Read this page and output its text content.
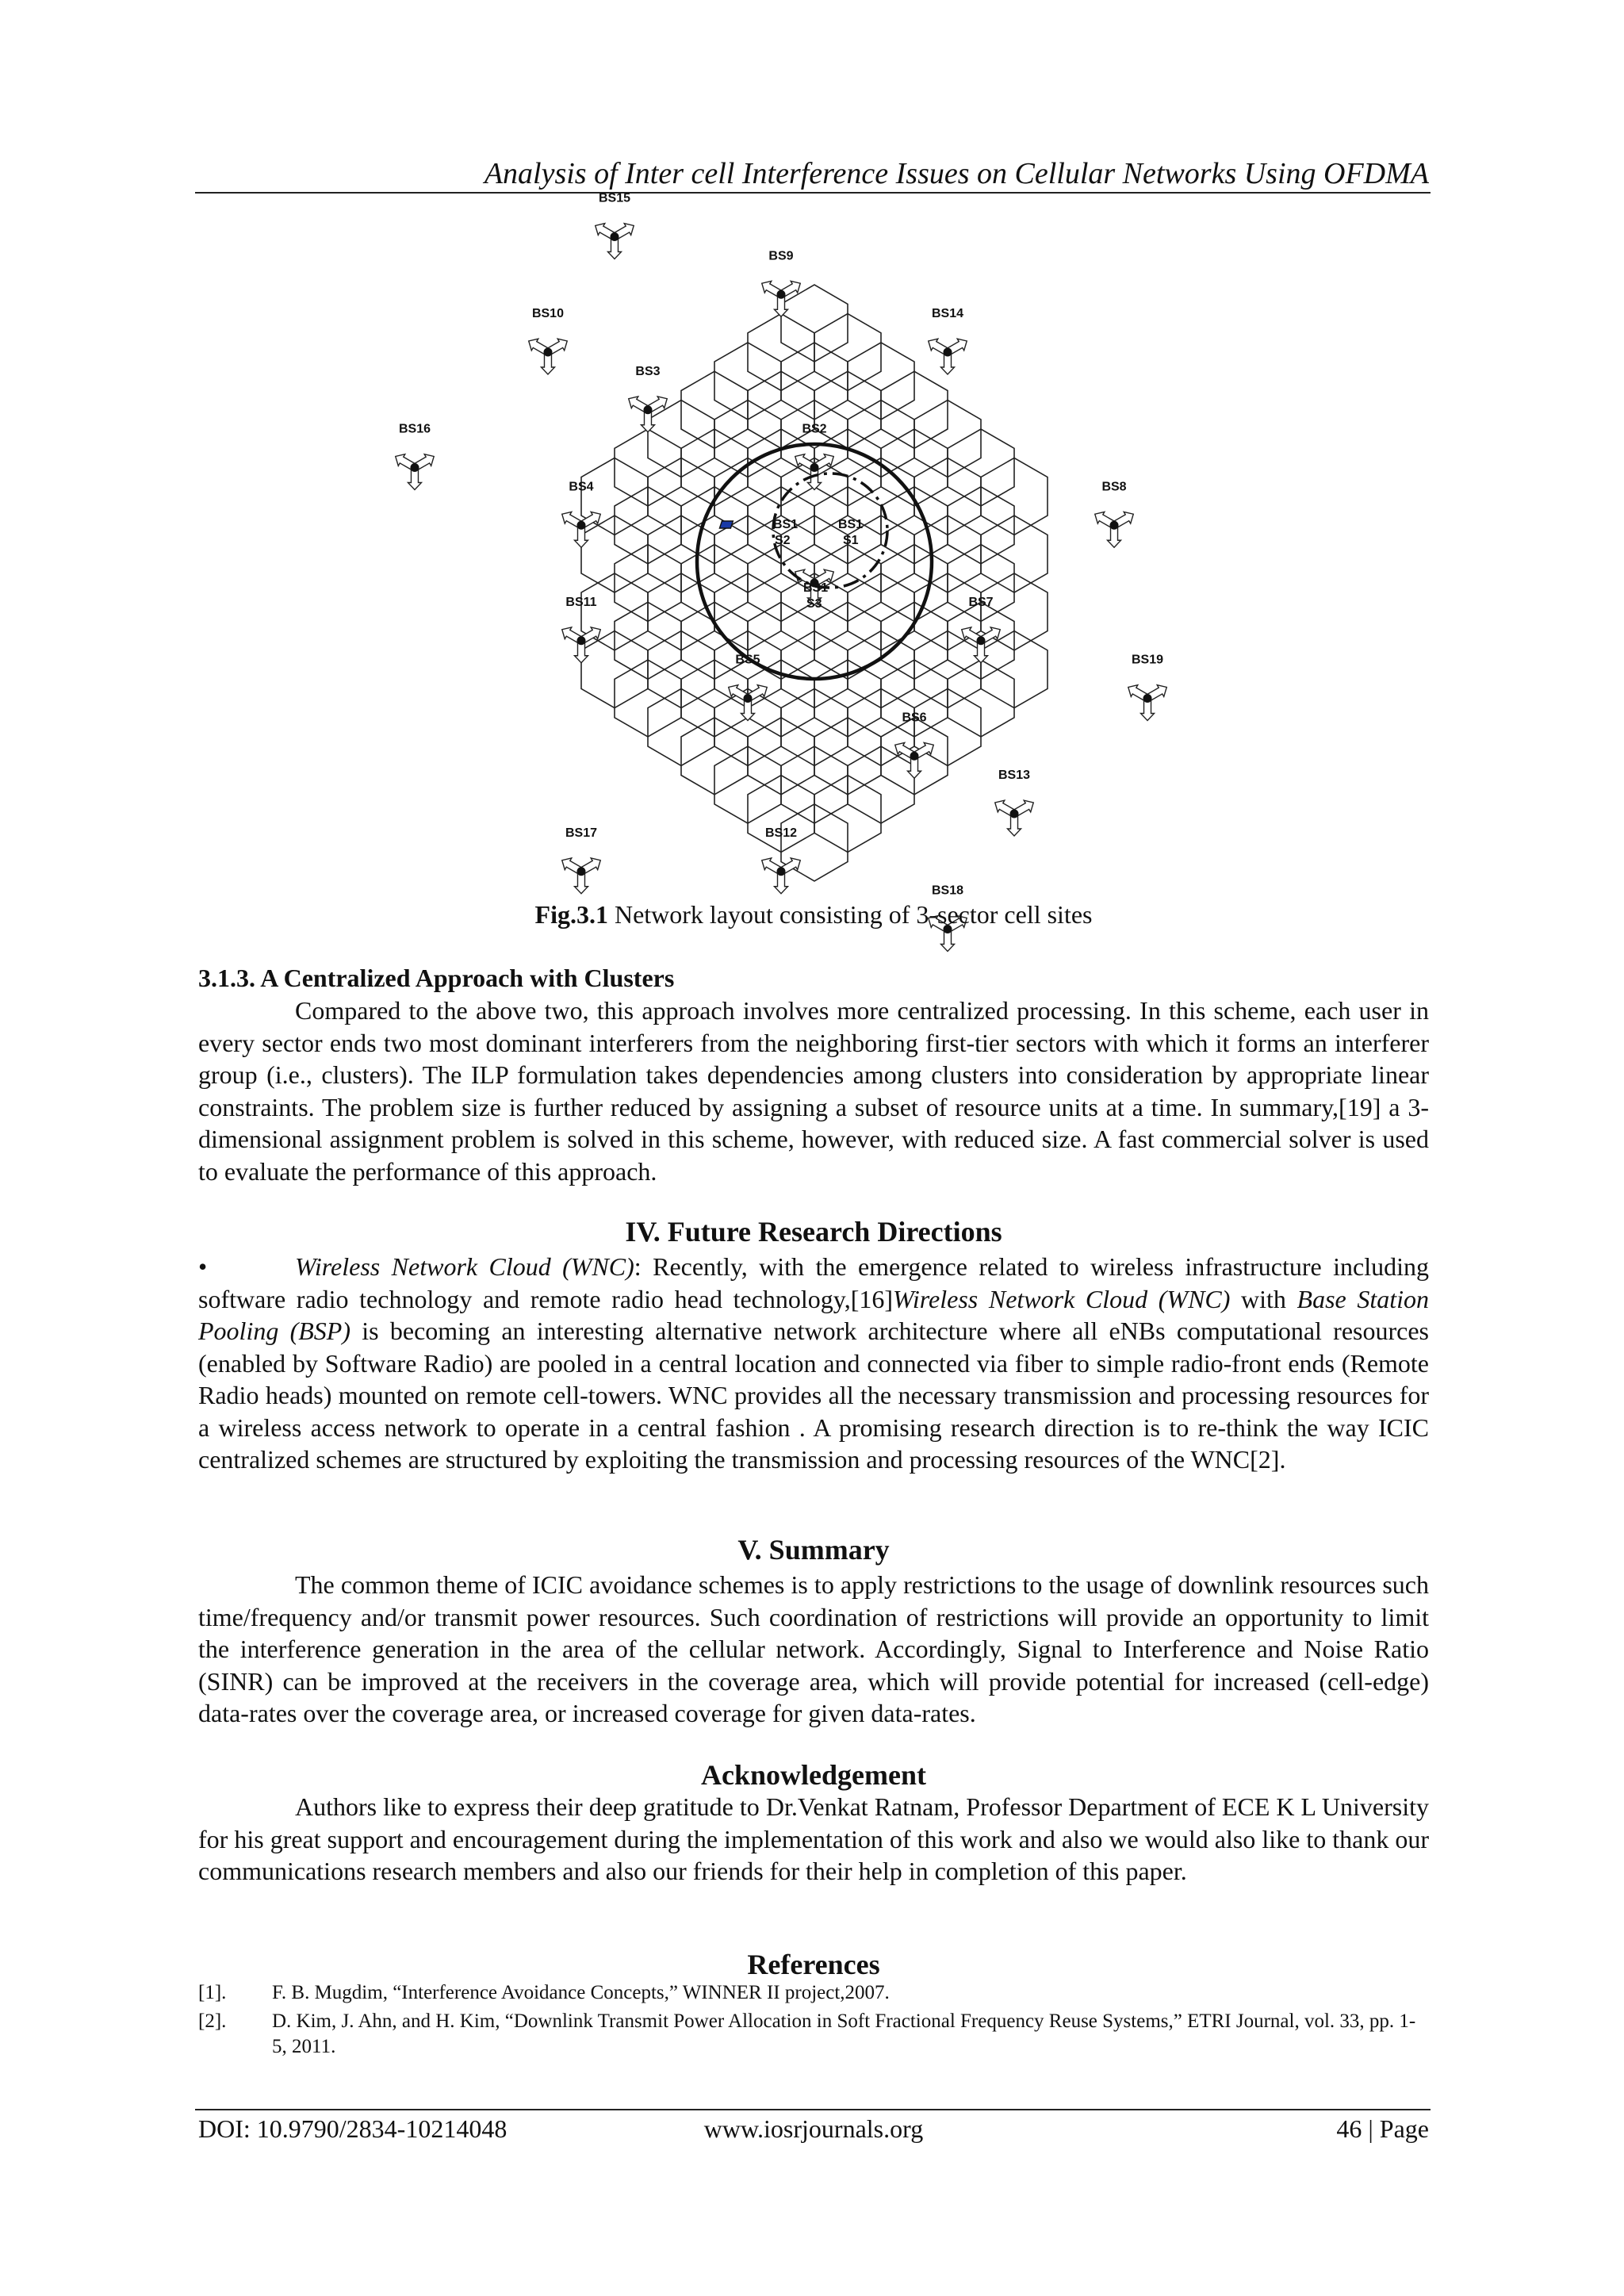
Analysis of Inter cell Interference Issues on Cellular Networks Using OFDMA
BS15
BS10
BS9
BS16
BS3
BS14
BS4
BS2
BS11
BS8
BS5
BS7
BS17
BS6
BS19
BS12
BS13
BS18
BS1
S2
BS1
S1
BS1
S3
Fig.3.1 Network layout consisting of 3-sector cell sites
3.1.3. A Centralized Approach with Clusters
Compared to the above two, this approach involves more centralized processing. In this scheme, each user in every sector ends two most dominant interferers from the neighboring first-tier sectors with which it forms an interferer group (i.e., clusters). The ILP formulation takes dependencies among clusters into consideration by appropriate linear constraints. The problem size is further reduced by assigning a subset of resource units at a time. In summary,[19] a 3-dimensional assignment problem is solved in this scheme, however, with reduced size. A fast commercial solver is used to evaluate the performance of this approach.
IV. Future Research Directions
•	Wireless Network Cloud (WNC): Recently, with the emergence related to wireless infrastructure including software radio technology and remote radio head technology,[16]Wireless Network Cloud (WNC) with Base Station Pooling (BSP) is becoming an interesting alternative network architecture where all eNBs computational resources (enabled by Software Radio) are pooled in a central location and connected via fiber to simple radio-front ends (Remote Radio heads) mounted on remote cell-towers. WNC provides all the necessary transmission and processing resources for a wireless access network to operate in a central fashion . A promising research direction is to re-think the way ICIC centralized schemes are structured by exploiting the transmission and processing resources of the WNC[2].
V. Summary
The common theme of ICIC avoidance schemes is to apply restrictions to the usage of downlink resources such time/frequency and/or transmit power resources. Such coordination of restrictions will provide an opportunity to limit the interference generation in the area of the cellular network. Accordingly, Signal to Interference and Noise Ratio (SINR) can be improved at the receivers in the coverage area, which will provide potential for increased (cell-edge) data-rates over the coverage area, or increased coverage for given data-rates.
Acknowledgement
Authors like to express their deep gratitude to Dr.Venkat Ratnam, Professor Department of ECE K L University for his great support and encouragement during the implementation of this work and also we would also like to thank our communications research members and also our friends for their help in completion of this paper.
References
[1]. F. B. Mugdim, “Interference Avoidance Concepts,” WINNER II project,2007.
[2]. D. Kim, J. Ahn, and H. Kim, “Downlink Transmit Power Allocation in Soft Fractional Frequency Reuse Systems,” ETRI Journal, vol. 33, pp. 1-5, 2011.
DOI: 10.9790/2834-10214048	www.iosrjournals.org	46 | Page
